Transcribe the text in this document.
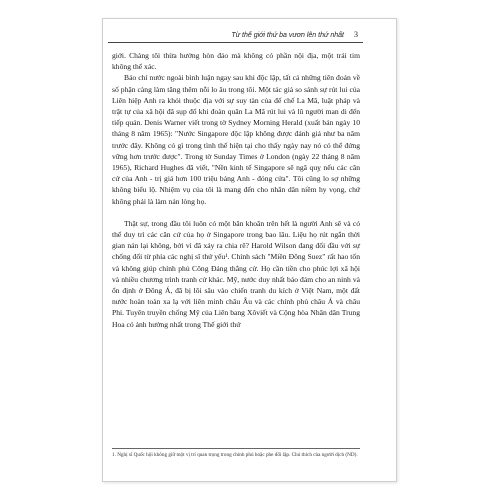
Từ thế giới thứ ba vươn lên thứ nhất 3

giới. Chàng tôi thừa hưởng hòn đảo mà không có phần nội địa, một trái tim không thể xác.

Báo chí nước ngoài bình luận ngay sau khi độc lập, tất cả những tiên đoán về số phận càng làm tăng thêm nỗi lo âu trong tôi. Một tác giả so sánh sự rút lui của Liên hiệp Anh ra khỏi thuộc địa với sự suy tàn của đế chế La Mã, luật pháp và trật tự của xã hội đã sụp đổ khi đoàn quân La Mã rút lui và lũ người man di đến tiếp quản. Denis Warner viết trong tờ Sydney Morning Herald (xuất bản ngày 10 tháng 8 năm 1965): "Nước Singapore độc lập không được đánh giá như ba năm trước đây. Không có gì trong tình thế hiện tại cho thấy ngày nay nó có thể đứng vững hơn trước được". Trong tờ Sunday Times ở London (ngày 22 tháng 8 năm 1965), Richard Hughes đã viết, "Nền kinh tế Singapore sẽ ngã quỵ nếu các căn cứ của Anh - trị giá hơn 100 triệu bảng Anh - đóng cửa". Tôi cũng lo sợ những không biểu lộ. Nhiệm vụ của tôi là mang đến cho nhân dân niềm hy vọng, chứ không phải là làm nản lòng họ.

Thật sự, trong đầu tôi luôn có một băn khoăn trên hết là người Anh sẽ và có thể duy trì các căn cứ của họ ở Singapore trong bao lâu. Liệu họ rút ngắn thời gian nán lại không, bởi vì đã xảy ra chia rẽ? Harold Wilson đang đối đầu với sự chống đối từ phía các nghị sĩ thứ yếu¹. Chính sách "Miền Đông Suez" rất hao tốn và không giúp chính phủ Công Đảng thắng cử. Họ cần tiền cho phúc lợi xã hội và nhiều chương trình tranh cử khác. Mỹ, nước duy nhất bảo đảm cho an ninh và ổn định ở Đông Á, đã bị lôi sâu vào chiến tranh du kích ở Việt Nam, một đất nước hoàn toàn xa lạ với liên minh châu Âu và các chính phủ châu Á và châu Phi. Tuyên truyền chống Mỹ của Liên bang Xôviết và Cộng hòa Nhân dân Trung Hoa có ảnh hưởng nhất trong Thế giới thứ

1. Nghị sĩ Quốc hội không giữ một vị trí quan trọng trong chính phủ hoặc phe đối lập. Chú thích của người dịch (ND).
